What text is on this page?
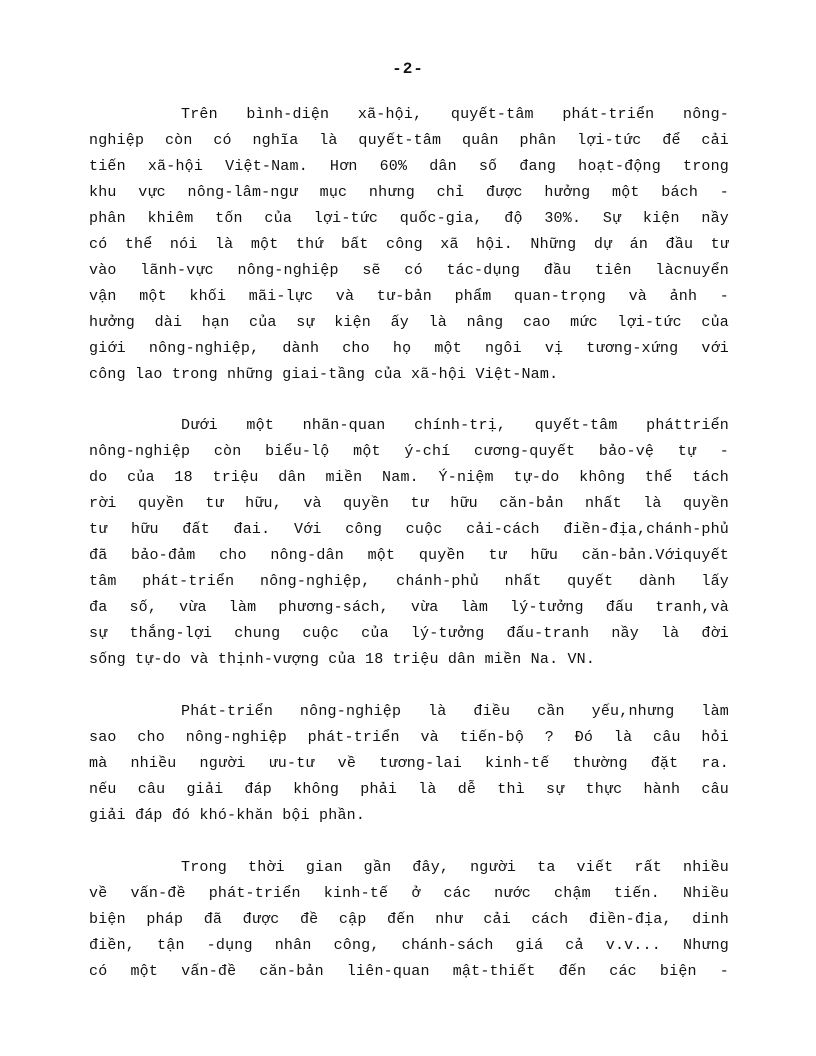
-2-
Trên bình-diện xã-hội, quyết-tâm phát-triển nông-
nghiệp còn có nghĩa là quyết-tâm quân phân lợi-tức để cải
tiến xã-hội Việt-Nam. Hơn 60% dân số đang hoạt-động trong
khu vực nông-lâm-ngư mục nhưng chỉ được hưởng một bách -
phân khiêm tốn của lợi-tức quốc-gia, độ 30%. Sự kiện nầy
có thể nói là một thứ bất công xã hội. Những dự án đầu tư
vào lãnh-vực nông-nghiệp sẽ có tác-dụng đầu tiên làcnuyển
vận một khối mãi-lực và tư-bản phẩm quan-trọng và ảnh -
hưởng dài hạn của sự kiện ấy là nâng cao mức lợi-tức của
giới nông-nghiệp, dành cho họ một ngôi vị tương-xứng với
công lao trong những giai-tầng của xã-hội Việt-Nam.
Dưới một nhãn-quan chính-trị, quyết-tâm pháttriển
nông-nghiệp còn biểu-lộ một ý-chí cương-quyết bảo-vệ tự -
do của 18 triệu dân miền Nam. Ý-niệm tự-do không thể tách
rời quyền tư hữu, và quyền tư hữu căn-bản nhất là quyền
tư hữu đất đai. Với công cuộc cải-cách điền-địa,chánh-phủ
đã bảo-đảm cho nông-dân một quyền tư hữu căn-bản.Vớiquyết
tâm phát-triển nông-nghiệp, chánh-phủ nhất quyết dành lấy
đa số, vừa làm phương-sách, vừa làm lý-tưởng đấu tranh,và
sự thắng-lợi chung cuộc của lý-tưởng đấu-tranh nầy là đời
sống tự-do và thịnh-vượng của 18 triệu dân miền Na. VN.
Phát-triển nông-nghiệp là điều cần yếu,nhưng làm
sao cho nông-nghiệp phát-triển và tiến-bộ ? Đó là câu hỏi
mà nhiều người ưu-tư về tương-lai kinh-tế thường đặt ra.
nếu câu giải đáp không phải là dễ thì sự thực hành câu
giải đáp đó khó-khăn bội phần.
Trong thời gian gần đây, người ta viết rất nhiều
về vấn-đề phát-triển kinh-tế ở các nước chậm tiến. Nhiều
biện pháp đã được đề cập đến như cải cách điền-địa, dinh
điền, tận -dụng nhân công, chánh-sách giá cả v.v... Nhưng
có một vấn-đề căn-bản liên-quan mật-thiết đến các biện -
